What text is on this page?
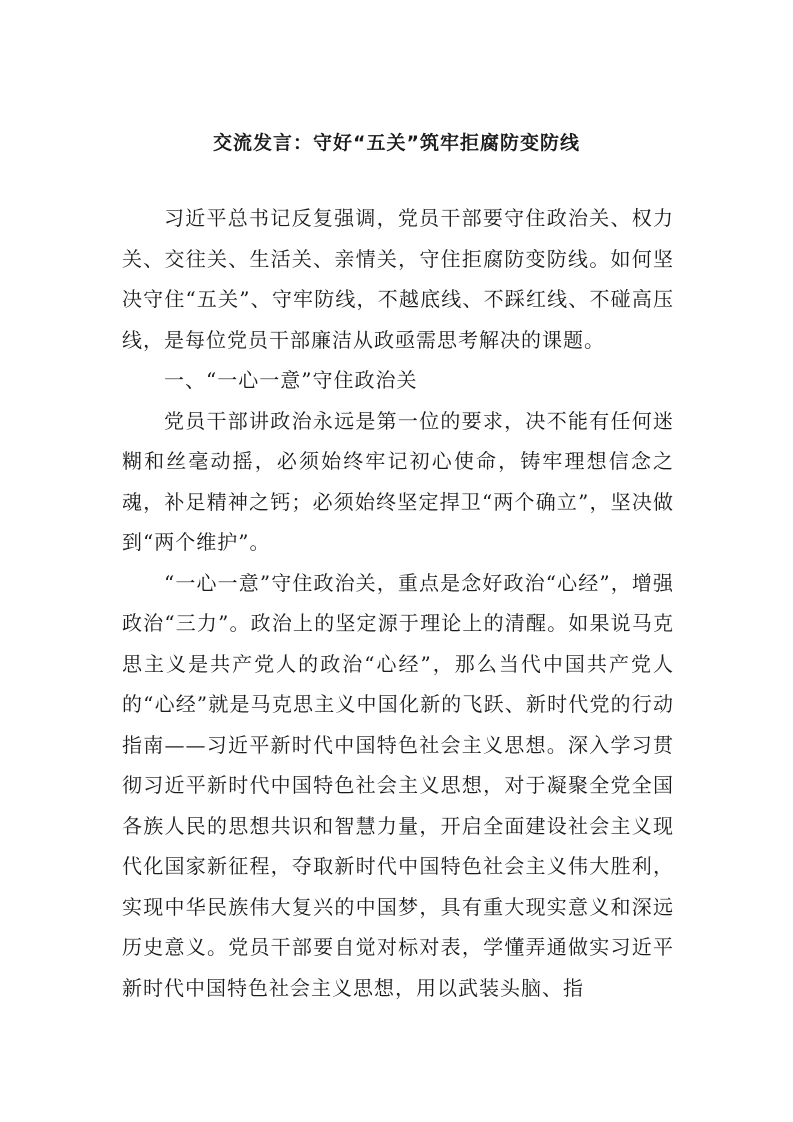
交流发言：守好“五关”筑牢拒腐防变防线

习近平总书记反复强调，党员干部要守住政治关、权力关、交往关、生活关、亲情关，守住拒腐防变防线。如何坚决守住“五关”、守牢防线，不越底线、不踩红线、不碰高压线，是每位党员干部廉洁从政亟需思考解决的课题。

一、“一心一意”守住政治关

党员干部讲政治永远是第一位的要求，决不能有任何迷糊和丝毫动摇，必须始终牢记初心使命，铸牢理想信念之魂，补足精神之钙；必须始终坚定捍卫“两个确立”，坚决做到“两个维护”。

“一心一意”守住政治关，重点是念好政治“心经”，增强政治“三力”。政治上的坚定源于理论上的清醒。如果说马克思主义是共产党人的政治“心经”，那么当代中国共产党人的“心经”就是马克思主义中国化新的飞跃、新时代党的行动指南——习近平新时代中国特色社会主义思想。深入学习贯彻习近平新时代中国特色社会主义思想，对于凝聚全党全国各族人民的思想共识和智慧力量，开启全面建设社会主义现代化国家新征程，夺取新时代中国特色社会主义伟大胜利，实现中华民族伟大复兴的中国梦，具有重大现实意义和深远历史意义。党员干部要自觉对标对表，学懂弄通做实习近平新时代中国特色社会主义思想，用以武装头脑、指
